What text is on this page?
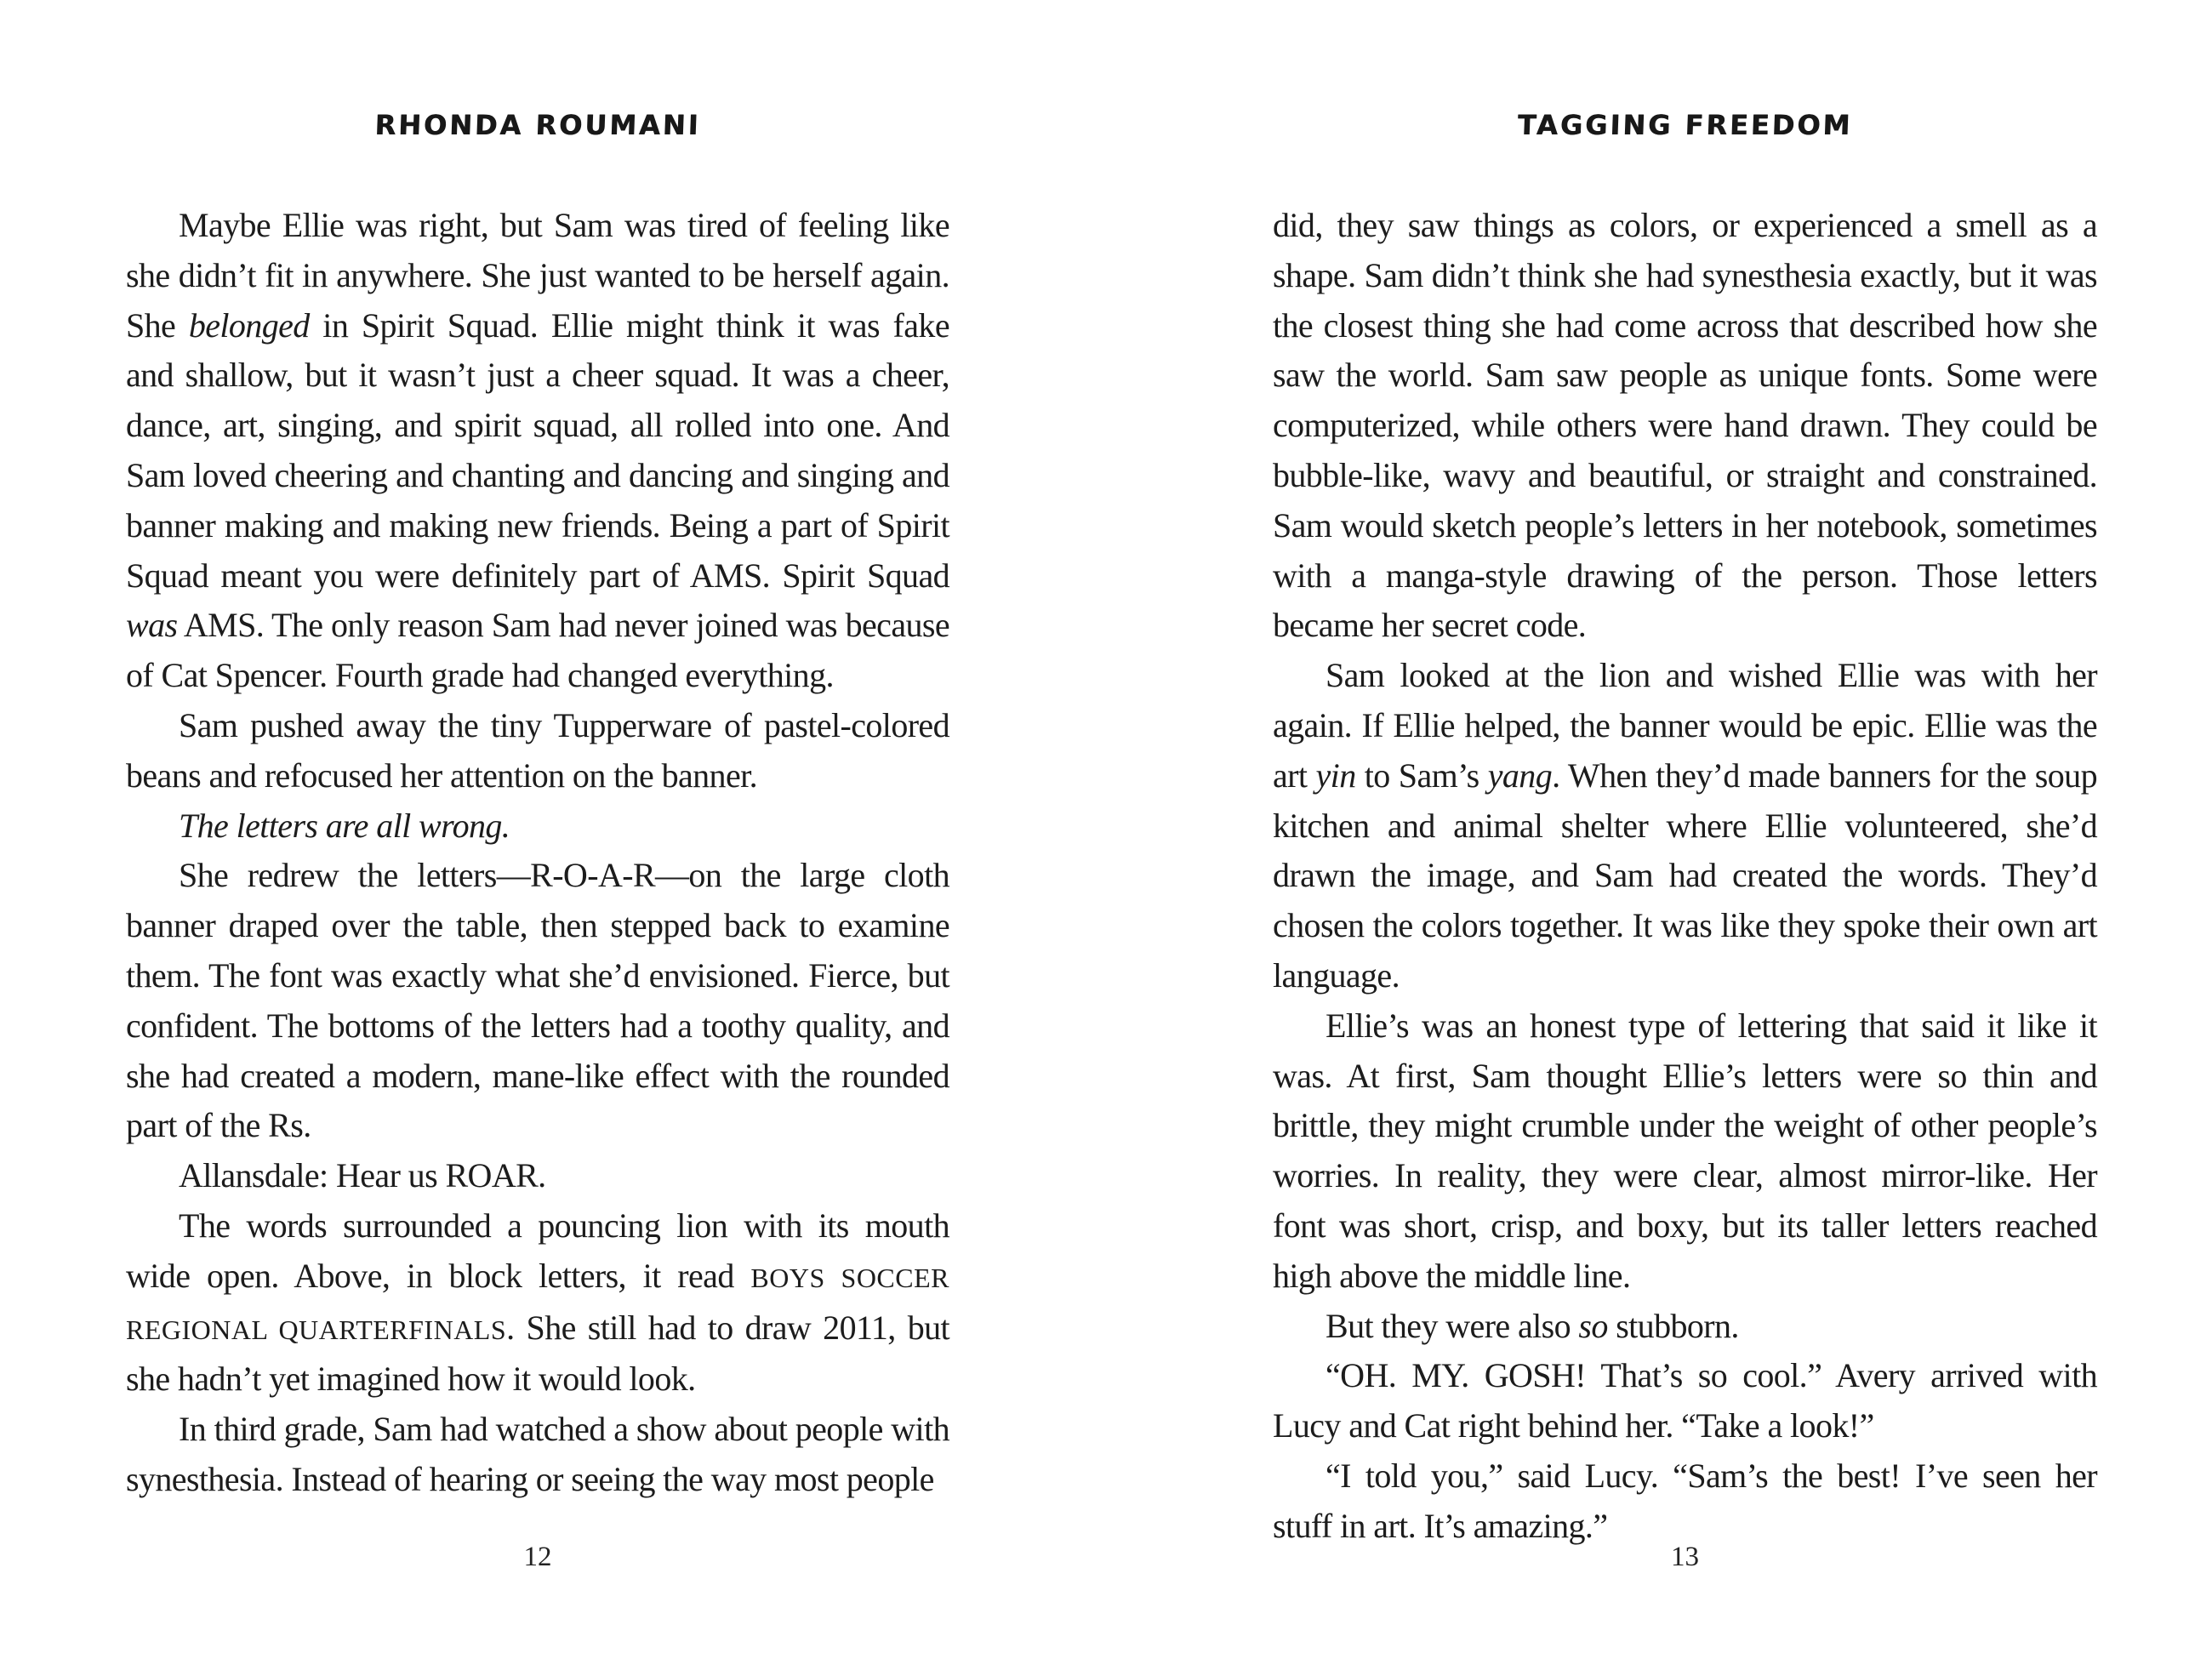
RHONDA ROUMANI

Maybe Ellie was right, but Sam was tired of feeling like she didn’t fit in anywhere. She just wanted to be herself again. She belonged in Spirit Squad. Ellie might think it was fake and shallow, but it wasn’t just a cheer squad. It was a cheer, dance, art, singing, and spirit squad, all rolled into one. And Sam loved cheering and chanting and dancing and singing and banner making and making new friends. Being a part of Spirit Squad meant you were definitely part of AMS. Spirit Squad was AMS. The only reason Sam had never joined was because of Cat Spencer. Fourth grade had changed everything.

Sam pushed away the tiny Tupperware of pastel-colored beans and refocused her attention on the banner.

The letters are all wrong.

She redrew the letters—R-O-A-R—on the large cloth banner draped over the table, then stepped back to examine them. The font was exactly what she’d envisioned. Fierce, but confident. The bottoms of the letters had a toothy quality, and she had created a modern, mane-like effect with the rounded part of the Rs.

Allansdale: Hear us ROAR.

The words surrounded a pouncing lion with its mouth wide open. Above, in block letters, it read BOYS SOCCER REGIONAL QUARTERFINALS. She still had to draw 2011, but she hadn’t yet imagined how it would look.

In third grade, Sam had watched a show about people with synesthesia. Instead of hearing or seeing the way most people

12
TAGGING FREEDOM

did, they saw things as colors, or experienced a smell as a shape. Sam didn’t think she had synesthesia exactly, but it was the closest thing she had come across that described how she saw the world. Sam saw people as unique fonts. Some were computerized, while others were hand drawn. They could be bubble-like, wavy and beautiful, or straight and constrained. Sam would sketch people’s letters in her notebook, sometimes with a manga-style drawing of the person. Those letters became her secret code.

Sam looked at the lion and wished Ellie was with her again. If Ellie helped, the banner would be epic. Ellie was the art yin to Sam’s yang. When they’d made banners for the soup kitchen and animal shelter where Ellie volunteered, she’d drawn the image, and Sam had created the words. They’d chosen the colors together. It was like they spoke their own art language.

Ellie’s was an honest type of lettering that said it like it was. At first, Sam thought Ellie’s letters were so thin and brittle, they might crumble under the weight of other people’s worries. In reality, they were clear, almost mirror-like. Her font was short, crisp, and boxy, but its taller letters reached high above the middle line.

But they were also so stubborn.

“OH. MY. GOSH! That’s so cool.” Avery arrived with Lucy and Cat right behind her. “Take a look!”

“I told you,” said Lucy. “Sam’s the best! I’ve seen her stuff in art. It’s amazing.”

13
